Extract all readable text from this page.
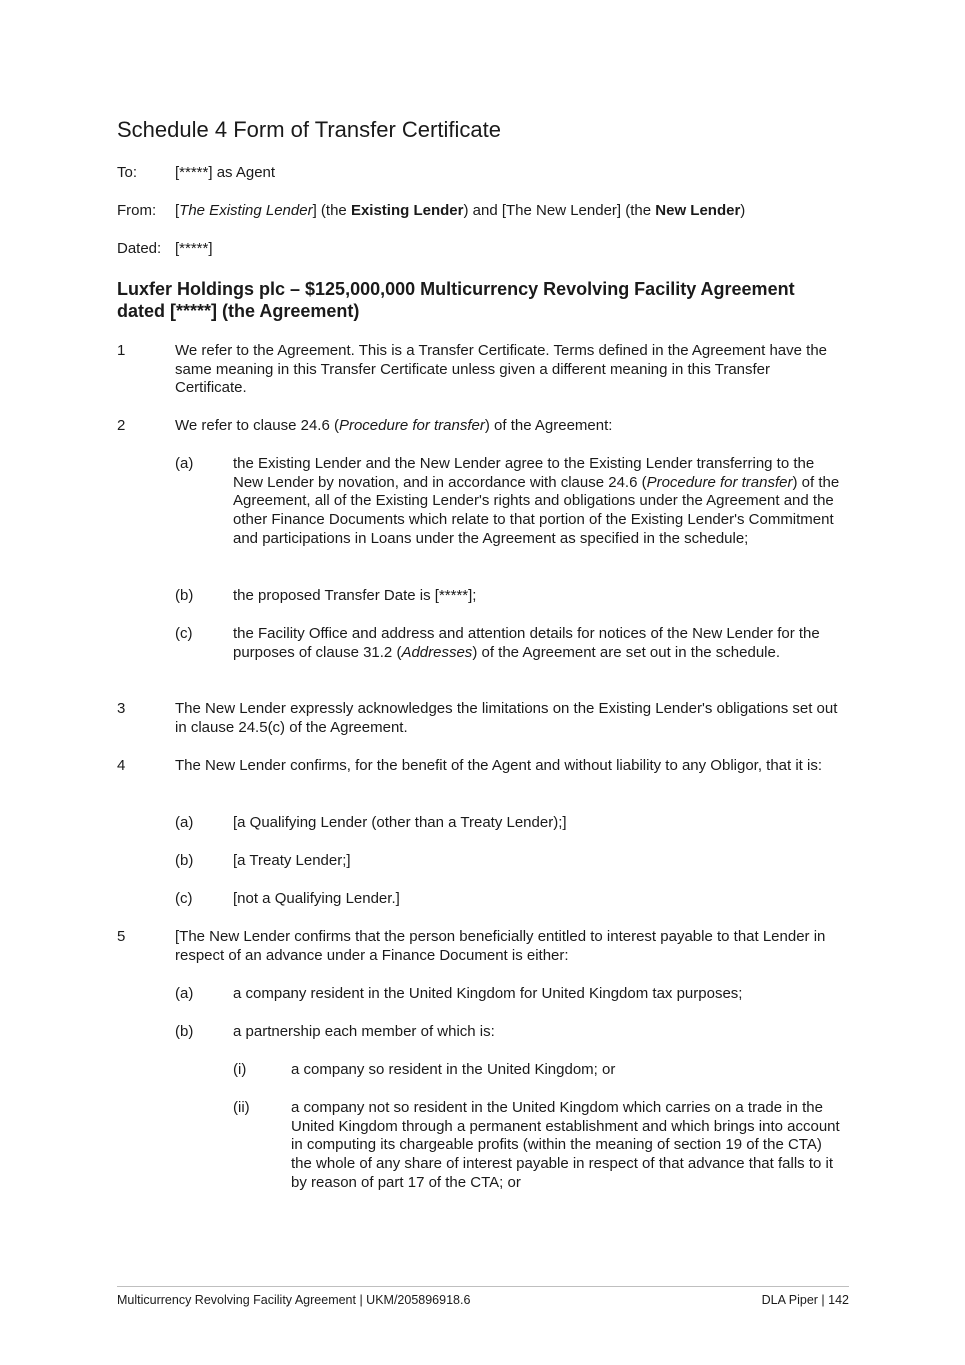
Schedule 4 Form of Transfer Certificate
To:	[*****] as Agent
From: [The Existing Lender] (the Existing Lender) and [The New Lender] (the New Lender)
Dated: [*****]
Luxfer Holdings plc – $125,000,000 Multicurrency Revolving Facility Agreement dated [*****] (the Agreement)
1	We refer to the Agreement. This is a Transfer Certificate. Terms defined in the Agreement have the same meaning in this Transfer Certificate unless given a different meaning in this Transfer Certificate.
2	We refer to clause 24.6 (Procedure for transfer) of the Agreement:
(a)	the Existing Lender and the New Lender agree to the Existing Lender transferring to the New Lender by novation, and in accordance with clause 24.6 (Procedure for transfer) of the Agreement, all of the Existing Lender's rights and obligations under the Agreement and the other Finance Documents which relate to that portion of the Existing Lender's Commitment and participations in Loans under the Agreement as specified in the schedule;
(b)	the proposed Transfer Date is [*****];
(c)	the Facility Office and address and attention details for notices of the New Lender for the purposes of clause 31.2 (Addresses) of the Agreement are set out in the schedule.
3	The New Lender expressly acknowledges the limitations on the Existing Lender's obligations set out in clause 24.5(c) of the Agreement.
4	The New Lender confirms, for the benefit of the Agent and without liability to any Obligor, that it is:
(a)	[a Qualifying Lender (other than a Treaty Lender);]
(b)	[a Treaty Lender;]
(c)	[not a Qualifying Lender.]
5	[The New Lender confirms that the person beneficially entitled to interest payable to that Lender in respect of an advance under a Finance Document is either:
(a)	a company resident in the United Kingdom for United Kingdom tax purposes;
(b)	a partnership each member of which is:
(i)	a company so resident in the United Kingdom; or
(ii)	a company not so resident in the United Kingdom which carries on a trade in the United Kingdom through a permanent establishment and which brings into account in computing its chargeable profits (within the meaning of section 19 of the CTA) the whole of any share of interest payable in respect of that advance that falls to it by reason of part 17 of the CTA; or
Multicurrency Revolving Facility Agreement | UKM/205896918.6	DLA Piper | 142
